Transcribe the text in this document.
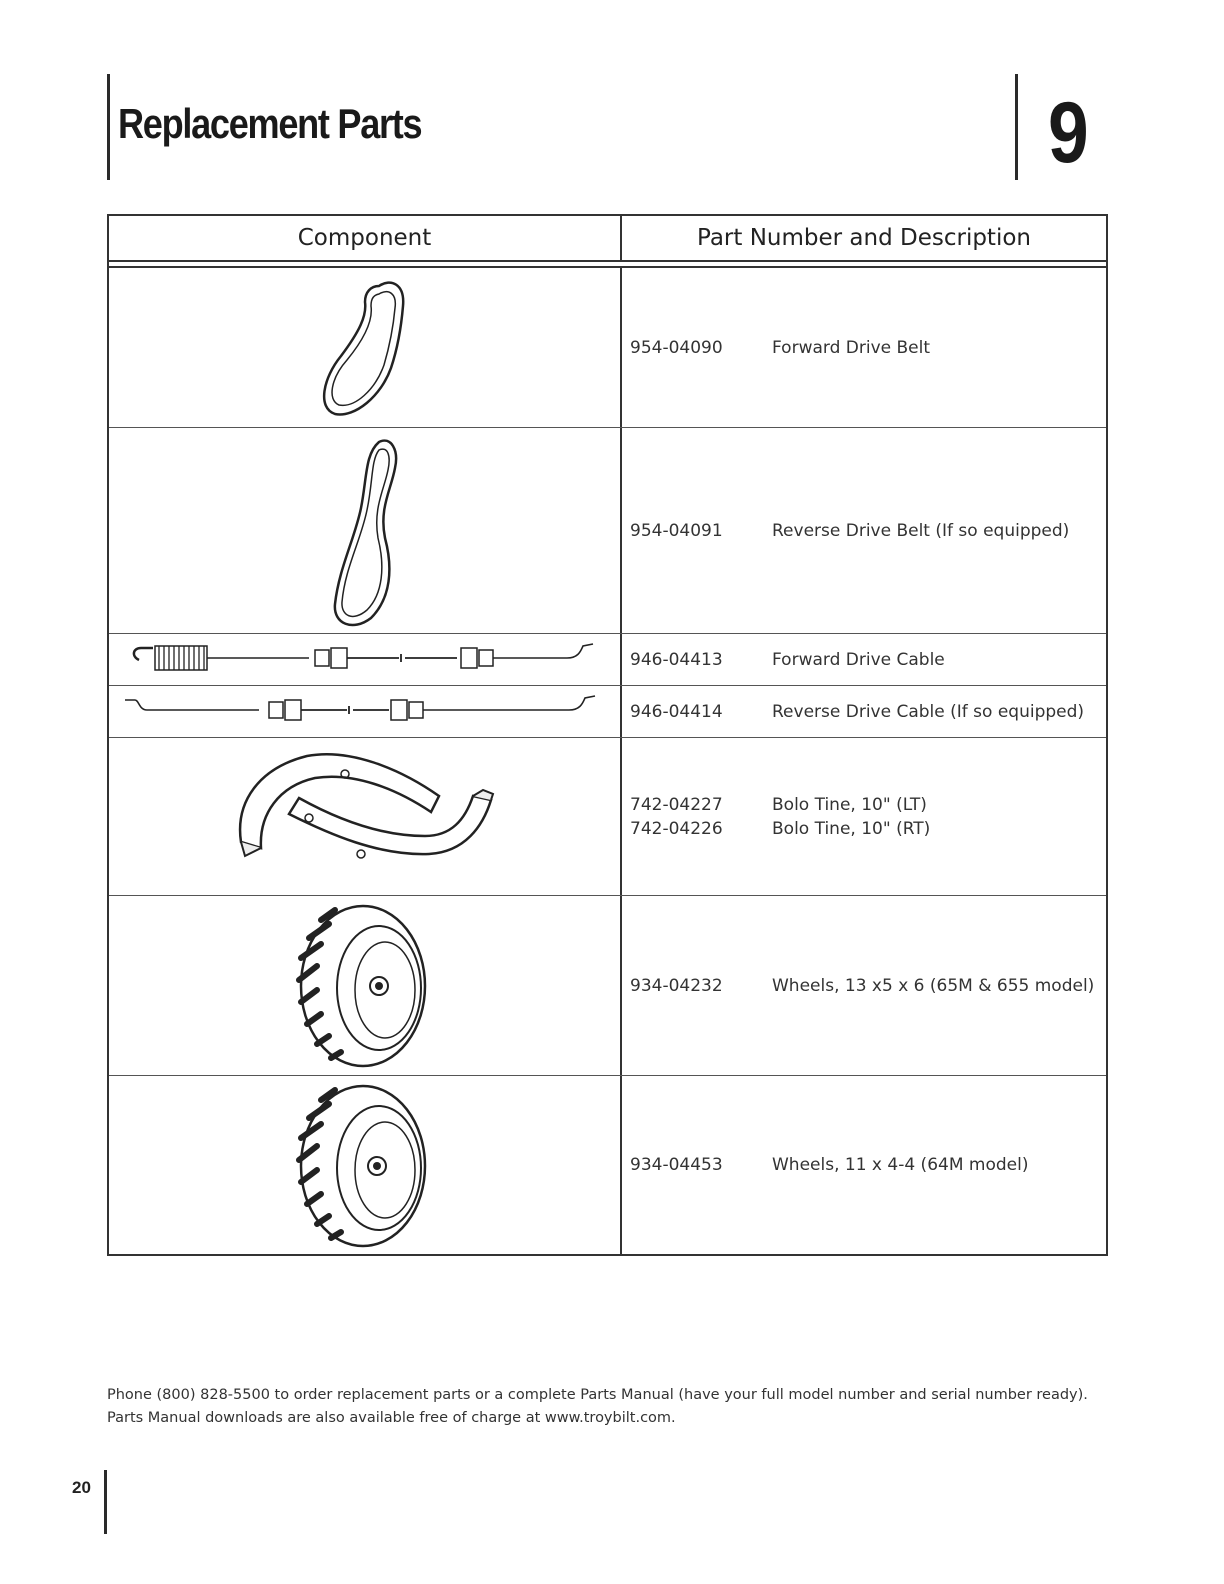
Replacement Parts	9
Component	Part Number and Description
954-04090	Forward Drive Belt
954-04091	Reverse Drive Belt (If so equipped)
946-04413	Forward Drive Cable
946-04414	Reverse Drive Cable (If so equipped)
742-04227	Bolo Tine, 10" (LT)
742-04226	Bolo Tine, 10" (RT)
934-04232	Wheels, 13 x5 x 6 (65M & 655 model)
934-04453	Wheels, 11 x 4-4 (64M model)
Phone (800) 828-5500 to order replacement parts or a complete Parts Manual (have your full model number and serial number ready).
Parts Manual downloads are also available free of charge at www.troybilt.com.
20
